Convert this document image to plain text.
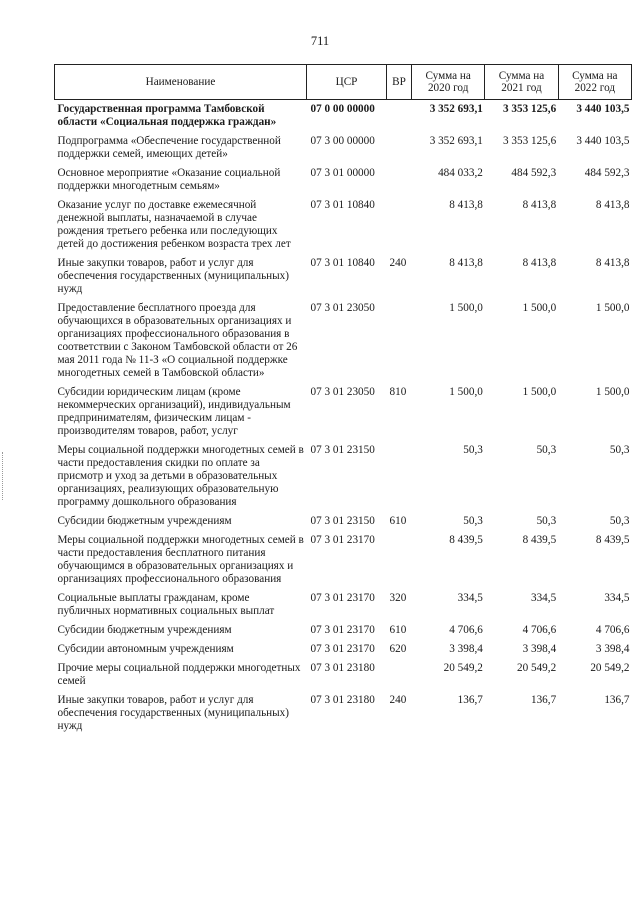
711
Наименование	ЦСР	ВР	Сумма на 2020 год	Сумма на 2021 год	Сумма на 2022 год
Государственная программа Тамбовской области «Социальная поддержка граждан»	07 0 00 00000		3 352 693,1	3 353 125,6	3 440 103,5
Подпрограмма «Обеспечение государственной поддержки семей, имеющих детей»	07 3 00 00000		3 352 693,1	3 353 125,6	3 440 103,5
Основное мероприятие «Оказание социальной поддержки многодетным семьям»	07 3 01 00000		484 033,2	484 592,3	484 592,3
Оказание услуг по доставке ежемесячной денежной выплаты, назначаемой в случае рождения третьего ребенка или последующих детей до достижения ребенком возраста трех лет	07 3 01 10840		8 413,8	8 413,8	8 413,8
Иные закупки товаров, работ и услуг для обеспечения государственных (муниципальных) нужд	07 3 01 10840	240	8 413,8	8 413,8	8 413,8
Предоставление бесплатного проезда для обучающихся в образовательных организациях и организациях профессионального образования в соответствии с Законом Тамбовской области от 26 мая 2011 года № 11-З «О социальной поддержке многодетных семей в Тамбовской области»	07 3 01 23050		1 500,0	1 500,0	1 500,0
Субсидии юридическим лицам (кроме некоммерческих организаций), индивидуальным предпринимателям, физическим лицам - производителям товаров, работ, услуг	07 3 01 23050	810	1 500,0	1 500,0	1 500,0
Меры социальной поддержки многодетных семей в части предоставления скидки по оплате за присмотр и уход за детьми в образовательных организациях, реализующих образовательную программу дошкольного образования	07 3 01 23150		50,3	50,3	50,3
Субсидии бюджетным учреждениям	07 3 01 23150	610	50,3	50,3	50,3
Меры социальной поддержки многодетных семей в части предоставления бесплатного питания обучающимся в образовательных организациях и организациях профессионального образования	07 3 01 23170		8 439,5	8 439,5	8 439,5
Социальные выплаты гражданам, кроме публичных нормативных социальных выплат	07 3 01 23170	320	334,5	334,5	334,5
Субсидии бюджетным учреждениям	07 3 01 23170	610	4 706,6	4 706,6	4 706,6
Субсидии автономным учреждениям	07 3 01 23170	620	3 398,4	3 398,4	3 398,4
Прочие меры социальной поддержки многодетных семей	07 3 01 23180		20 549,2	20 549,2	20 549,2
Иные закупки товаров, работ и услуг для обеспечения государственных (муниципальных) нужд	07 3 01 23180	240	136,7	136,7	136,7
